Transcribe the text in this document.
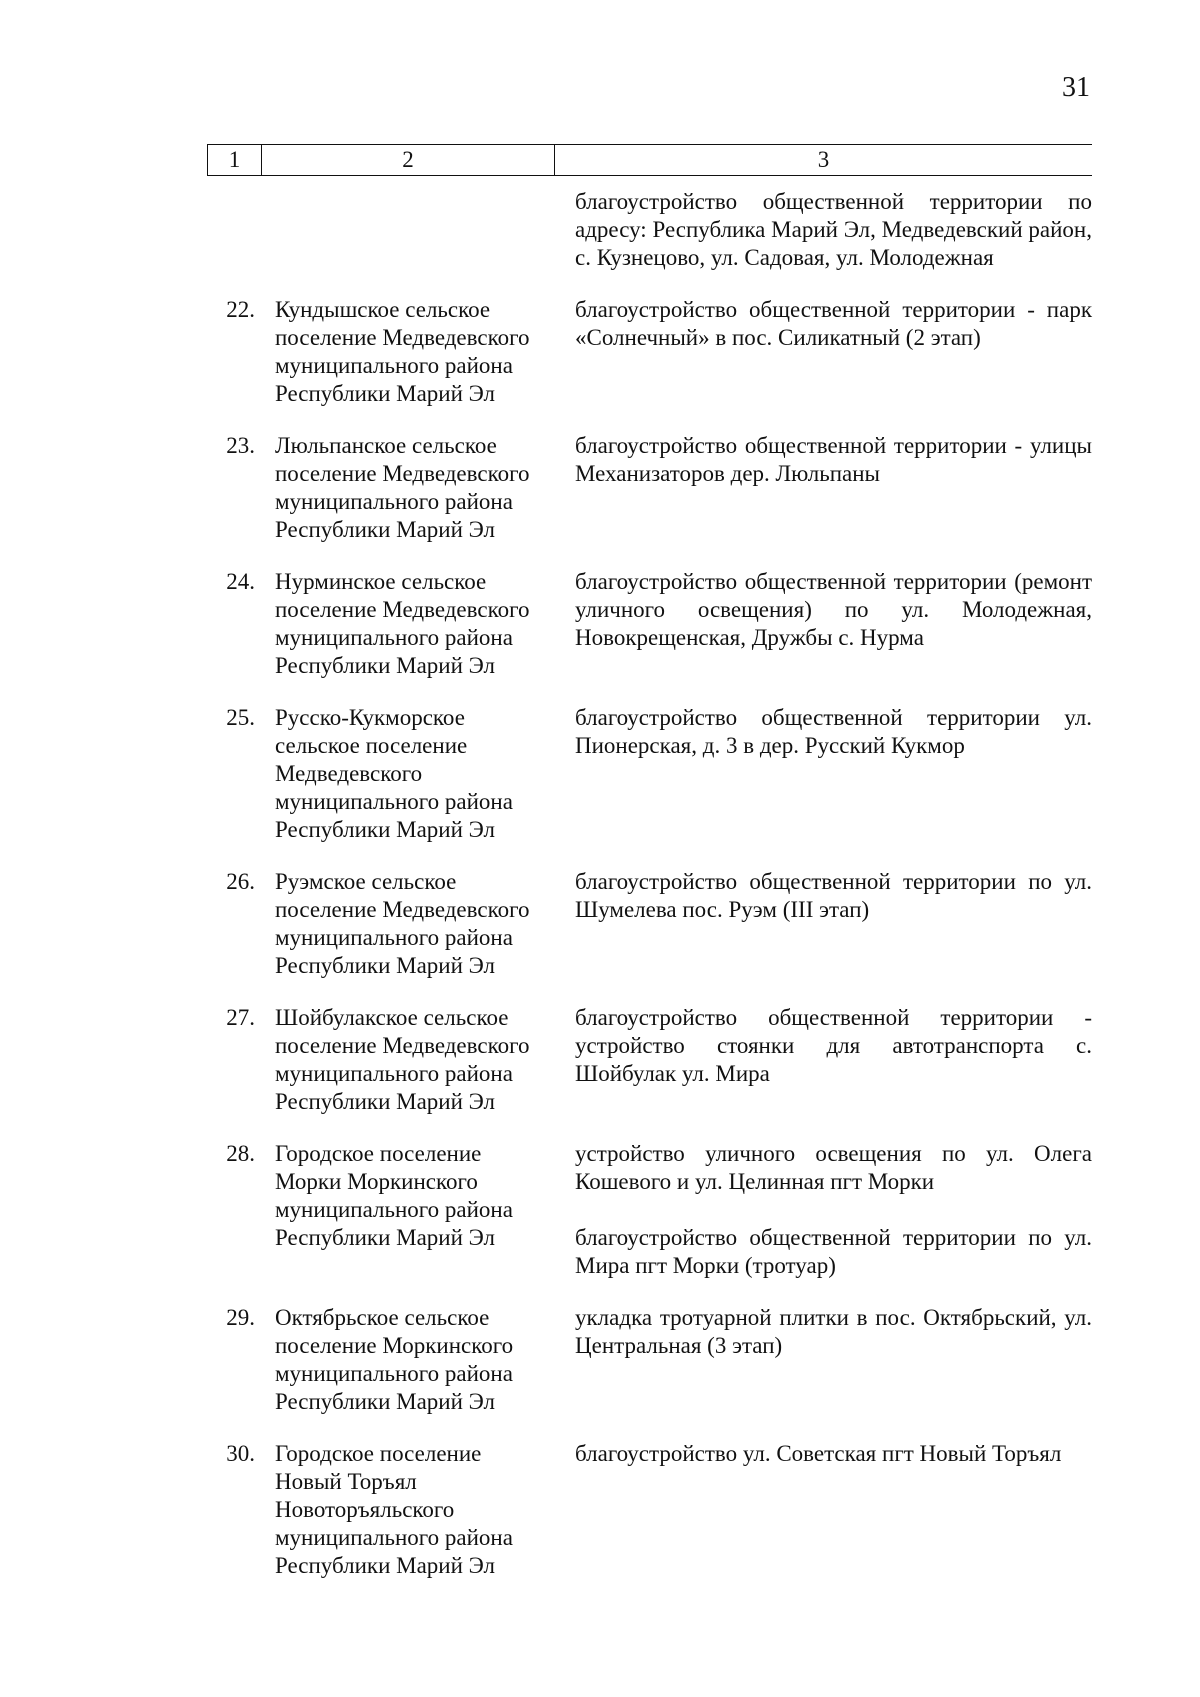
31
1	2	3

благоустройство общественной территории по адресу: Республика Марий Эл, Медведевский район, с. Кузнецово, ул. Садовая, ул. Молодежная

22. Кундышское сельское
поселение Медведевского
муниципального района
Республики Марий Эл

благоустройство общественной территории - парк «Солнечный» в пос. Силикатный (2 этап)

23. Люльпанское сельское
поселение Медведевского
муниципального района
Республики Марий Эл

благоустройство общественной территории - улицы Механизаторов дер. Люльпаны

24. Нурминское сельское
поселение Медведевского
муниципального района
Республики Марий Эл

благоустройство общественной территории (ремонт уличного освещения) по ул. Молодежная, Новокрещенская, Дружбы с. Нурма

25. Русско-Кукморское
сельское поселение
Медведевского
муниципального района
Республики Марий Эл

благоустройство общественной территории ул. Пионерская, д. 3 в дер. Русский Кукмор

26. Руэмское сельское
поселение Медведевского
муниципального района
Республики Марий Эл

благоустройство общественной территории по ул. Шумелева пос. Руэм (III этап)

27. Шойбулакское сельское
поселение Медведевского
муниципального района
Республики Марий Эл

благоустройство общественной территории - устройство стоянки для автотранспорта с. Шойбулак ул. Мира

28. Городское поселение
Морки Моркинского
муниципального района
Республики Марий Эл

устройство уличного освещения по ул. Олега Кошевого и ул. Целинная пгт Морки

благоустройство общественной территории по ул. Мира пгт Морки (тротуар)

29. Октябрьское сельское
поселение Моркинского
муниципального района
Республики Марий Эл

укладка тротуарной плитки в пос. Октябрьский, ул. Центральная (3 этап)

30. Городское поселение
Новый Торъял
Новоторъяльского
муниципального района
Республики Марий Эл

благоустройство ул. Советская пгт Новый Торъял
